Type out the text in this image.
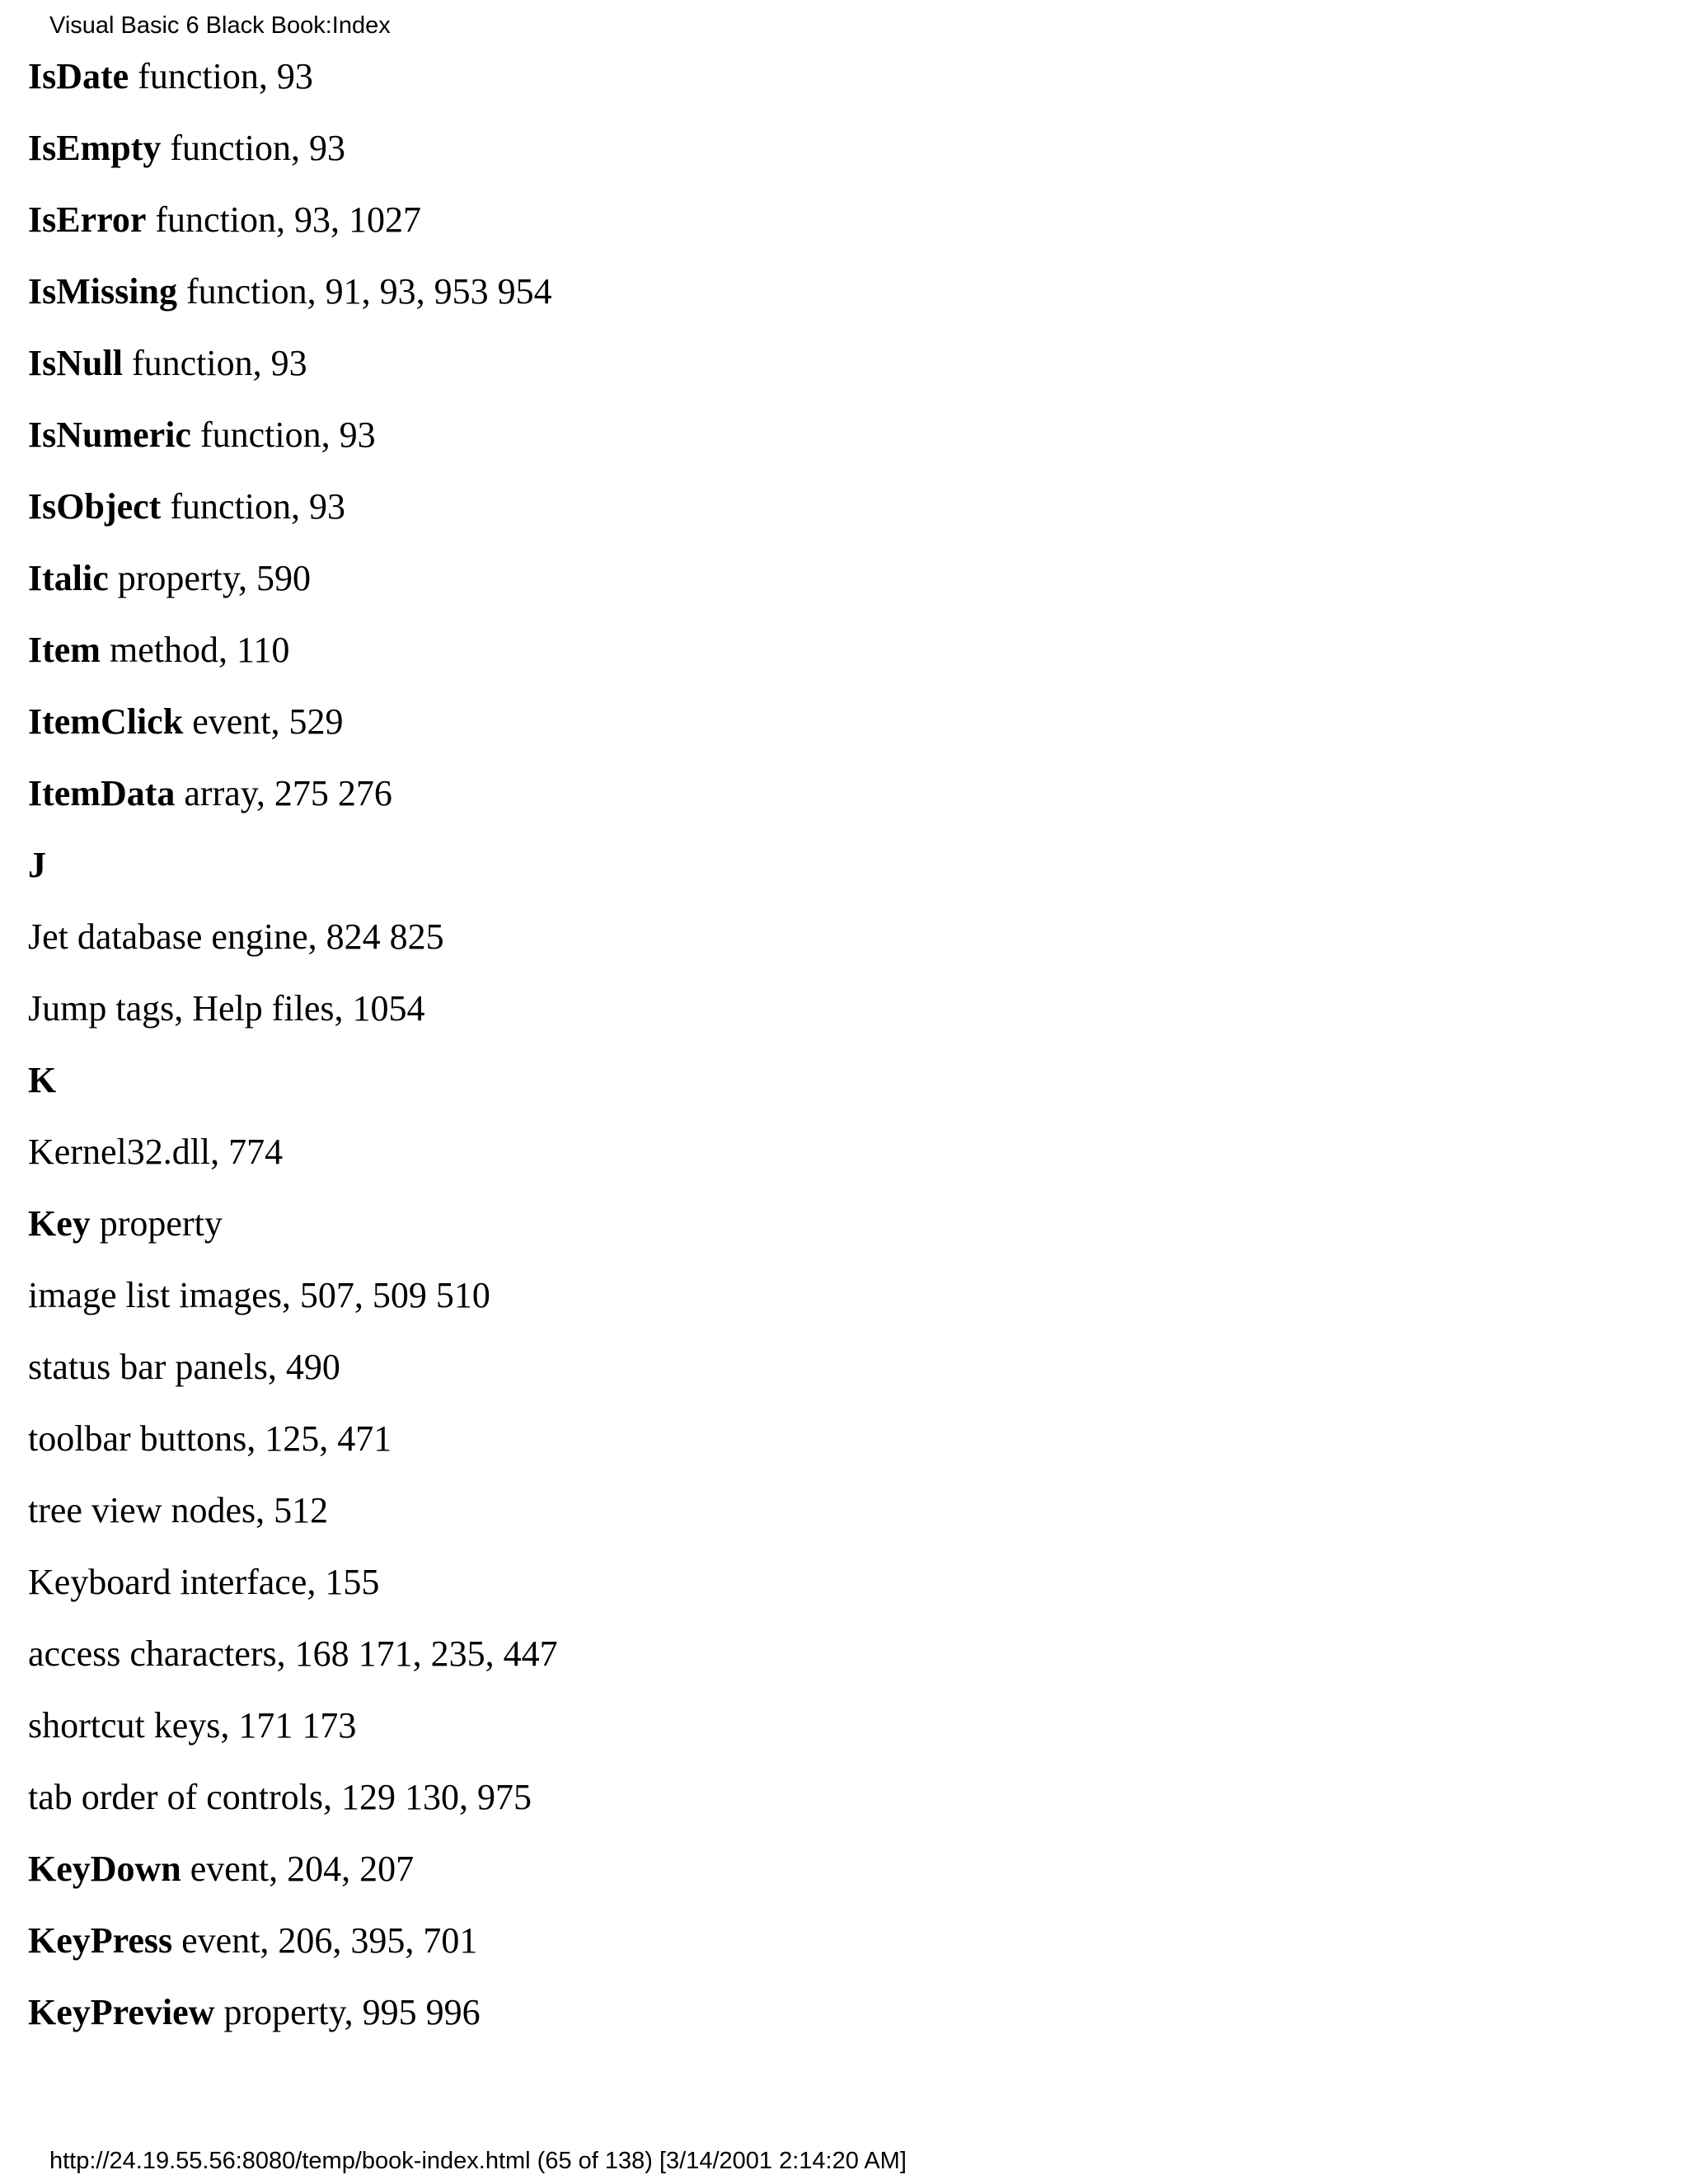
Visual Basic 6 Black Book:Index
IsDate function, 93
IsEmpty function, 93
IsError function, 93, 1027
IsMissing function, 91, 93, 953 954
IsNull function, 93
IsNumeric function, 93
IsObject function, 93
Italic property, 590
Item method, 110
ItemClick event, 529
ItemData array, 275 276
J
Jet database engine, 824 825
Jump tags, Help files, 1054
K
Kernel32.dll, 774
Key property
image list images, 507, 509 510
status bar panels, 490
toolbar buttons, 125, 471
tree view nodes, 512
Keyboard interface, 155
access characters, 168 171, 235, 447
shortcut keys, 171 173
tab order of controls, 129 130, 975
KeyDown event, 204, 207
KeyPress event, 206, 395, 701
KeyPreview property, 995 996
http://24.19.55.56:8080/temp/book-index.html (65 of 138) [3/14/2001 2:14:20 AM]
